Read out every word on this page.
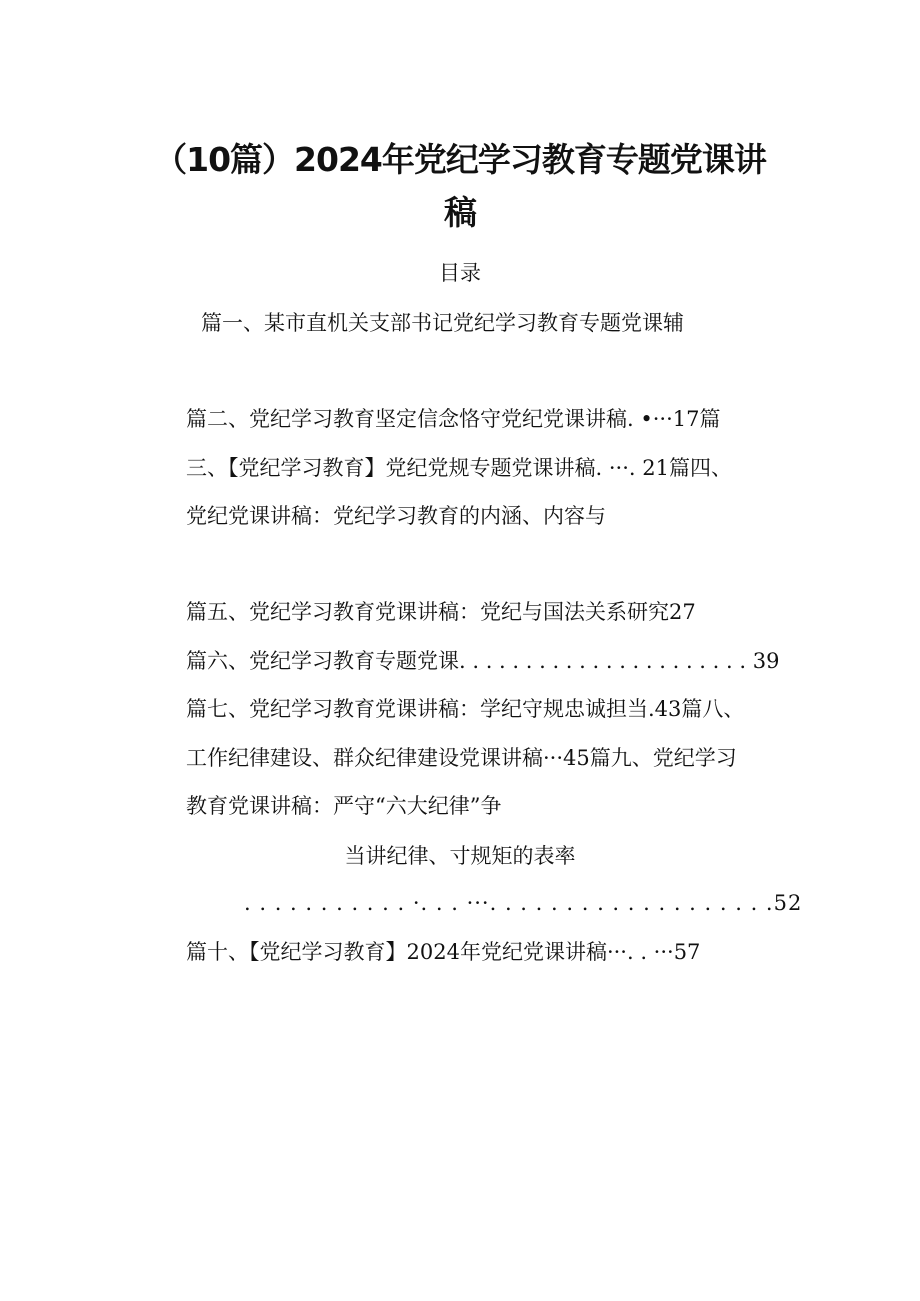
（10篇）2024年党纪学习教育专题党课讲
稿
目录
篇一、某市直机关支部书记党纪学习教育专题党课辅
篇二、党纪学习教育坚定信念恪守党纪党课讲稿. •···17篇
三、【党纪学习教育】党纪党规专题党课讲稿. ···. 21篇四、
党纪党课讲稿：党纪学习教育的内涵、内容与
篇五、党纪学习教育党课讲稿：党纪与国法关系研究27
篇六、党纪学习教育专题党课. . . . . . . . . . . . . . . . . . . . . . 39
篇七、党纪学习教育党课讲稿：学纪守规忠诚担当.43篇八、
工作纪律建设、群众纪律建设党课讲稿···45篇九、党纪学习
教育党课讲稿：严守“六大纪律”争
当讲纪律、寸规矩的表率
. . . . . . . . . . . ·. . . ···. . . . . . . . . . . . . . . . . . .52
篇十、【党纪学习教育】2024年党纪党课讲稿···. . ···57
